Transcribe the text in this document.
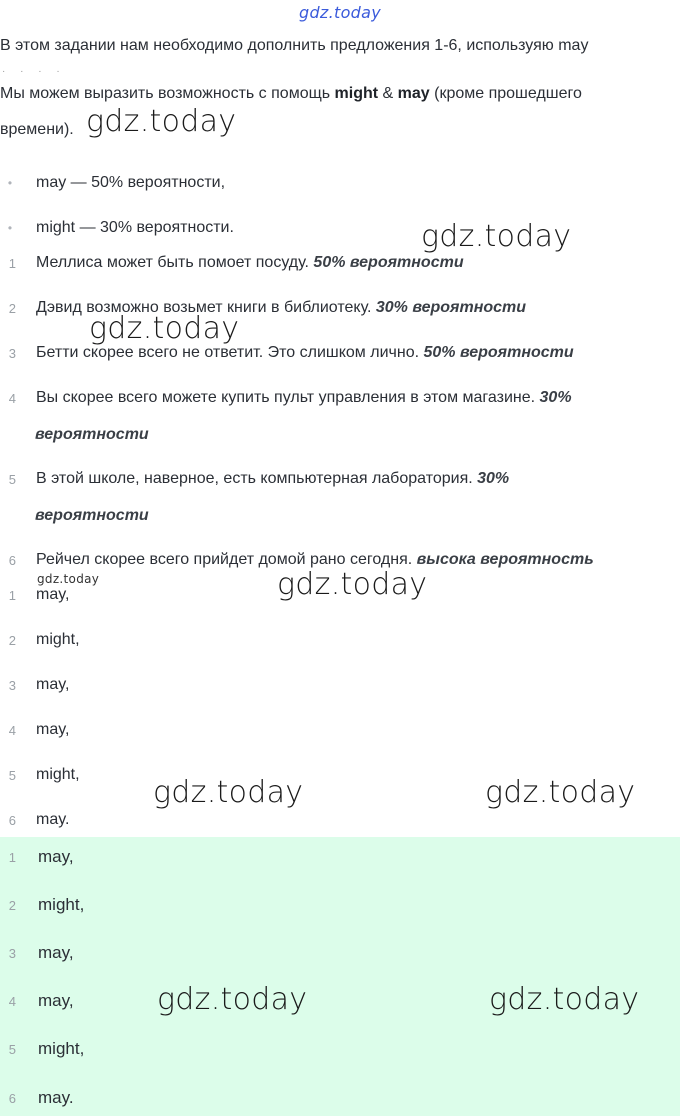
gdz.today
В этом задании нам необходимо дополнить предложения 1-6, используяю may
· · · ·
Мы можем выразить возможность с помощь might & may (кроме прошедшего
времени).
•	may — 50% вероятности,
•	might — 30% вероятности.
1 Меллиса может быть помоет посуду. 50% вероятности
2 Дэвид возможно возьмет книги в библиотеку. 30% вероятности
3 Бетти скорее всего не ответит. Это слишком лично. 50% вероятности
4 Вы скорее всего можете купить пульт управления в этом магазине. 30%
вероятности
5 В этой школе, наверное, есть компьютерная лаборатория. 30%
вероятности
6 Рейчел скорее всего прийдет домой рано сегодня. высока вероятность
1 may,
2 might,
3 may,
4 may,
5 might,
6 may.
1 may,
2 might,
3 may,
4 may,
5 might,
6 may.
gdz.today
gdz.today
gdz.today
gdz.today	gdz.today
gdz.today	gdz.today
gdz.today	gdz.today
